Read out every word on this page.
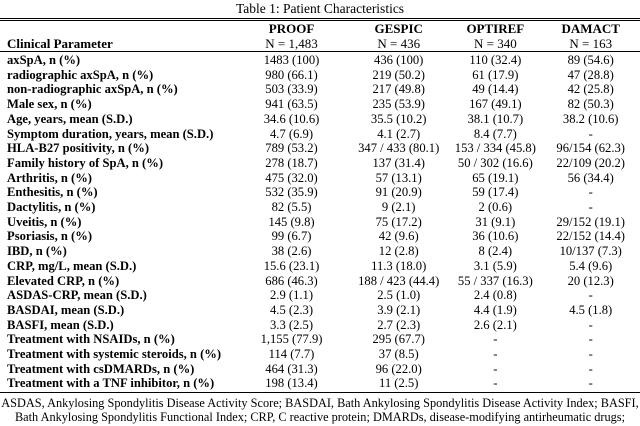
Table 1: Patient Characteristics
	PROOF	GESPIC	OPTIREF	DAMACT
Clinical Parameter	N = 1,483	N = 436	N = 340	N = 163
axSpA, n (%)	1483 (100)	436 (100)	110 (32.4)	89 (54.6)
radiographic axSpA, n (%)	980 (66.1)	219 (50.2)	61 (17.9)	47 (28.8)
non-radiographic axSpA, n (%)	503 (33.9)	217 (49.8)	49 (14.4)	42 (25.8)
Male sex, n (%)	941 (63.5)	235 (53.9)	167 (49.1)	82 (50.3)
Age, years, mean (S.D.)	34.6 (10.6)	35.5 (10.2)	38.1 (10.7)	38.2 (10.6)
Symptom duration, years, mean (S.D.)	4.7 (6.9)	4.1 (2.7)	8.4 (7.7)	-
HLA-B27 positivity, n (%)	789 (53.2)	347 / 433 (80.1)	153 / 334 (45.8)	96/154 (62.3)
Family history of SpA, n (%)	278 (18.7)	137 (31.4)	50 / 302 (16.6)	22/109 (20.2)
Arthritis, n (%)	475 (32.0)	57 (13.1)	65 (19.1)	56 (34.4)
Enthesitis, n (%)	532 (35.9)	91 (20.9)	59 (17.4)	-
Dactylitis, n (%)	82 (5.5)	9 (2.1)	2 (0.6)	-
Uveitis, n (%)	145 (9.8)	75 (17.2)	31 (9.1)	29/152 (19.1)
Psoriasis, n (%)	99 (6.7)	42 (9.6)	36 (10.6)	22/152 (14.4)
IBD, n (%)	38 (2.6)	12 (2.8)	8 (2.4)	10/137 (7.3)
CRP, mg/L, mean (S.D.)	15.6 (23.1)	11.3 (18.0)	3.1 (5.9)	5.4 (9.6)
Elevated CRP, n (%)	686 (46.3)	188 / 423 (44.4)	55 / 337 (16.3)	20 (12.3)
ASDAS-CRP, mean (S.D.)	2.9 (1.1)	2.5 (1.0)	2.4 (0.8)	-
BASDAI, mean (S.D.)	4.5 (2.3)	3.9 (2.1)	4.4 (1.9)	4.5 (1.8)
BASFI, mean (S.D.)	3.3 (2.5)	2.7 (2.3)	2.6 (2.1)	-
Treatment with NSAIDs, n (%)	1,155 (77.9)	295 (67.7)	-	-
Treatment with systemic steroids, n (%)	114 (7.7)	37 (8.5)	-	-
Treatment with csDMARDs, n (%)	464 (31.3)	96 (22.0)	-	-
Treatment with a TNF inhibitor, n (%)	198 (13.4)	11 (2.5)	-	-
ASDAS, Ankylosing Spondylitis Disease Activity Score; BASDAI, Bath Ankylosing Spondylitis Disease Activity Index; BASFI,
Bath Ankylosing Spondylitis Functional Index; CRP, C reactive protein; DMARDs, disease-modifying antirheumatic drugs;
